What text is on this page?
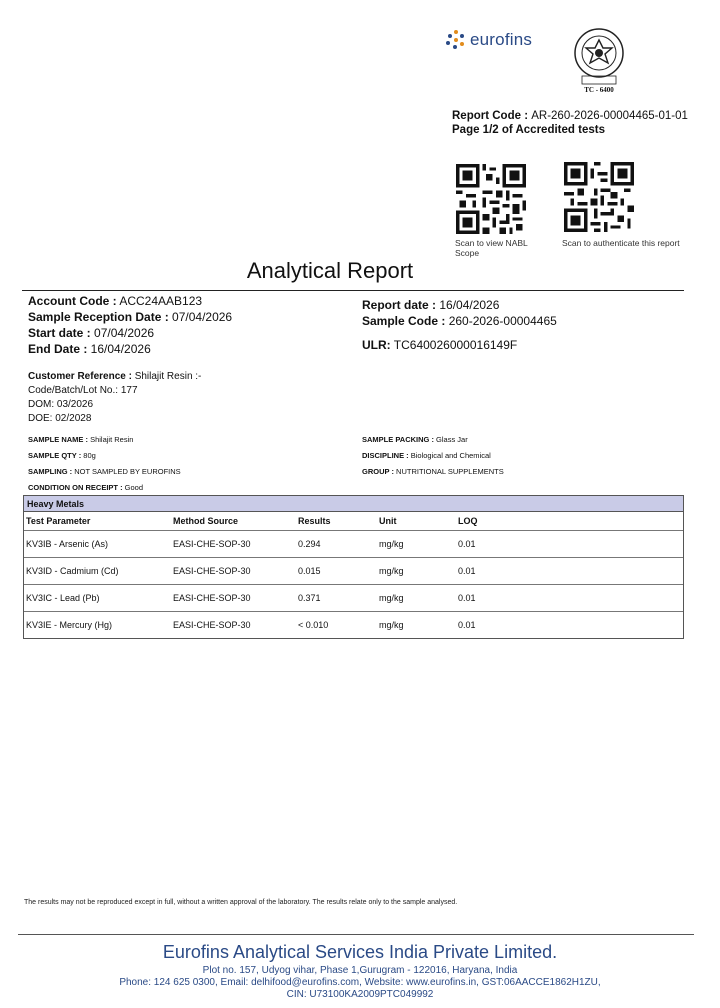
eurofins
TC - 6400
Report Code : AR-260-2026-00004465-01-01
Page 1/2 of Accredited tests
Scan to view NABL Scope
Scan to authenticate this report
Analytical Report
Account Code : ACC24AAB123
Sample Reception Date : 07/04/2026
Start date : 07/04/2026
End Date : 16/04/2026
Report date : 16/04/2026
Sample Code : 260-2026-00004465
ULR: TC640026000016149F
Customer Reference : Shilajit Resin :-
Code/Batch/Lot No.: 177
DOM: 03/2026
DOE: 02/2028
SAMPLE NAME : Shilajit Resin
SAMPLE QTY : 80g
SAMPLING : NOT SAMPLED BY EUROFINS
CONDITION ON RECEIPT : Good
SAMPLE PACKING : Glass Jar
DISCIPLINE : Biological and Chemical
GROUP : NUTRITIONAL SUPPLEMENTS
Heavy Metals
Test Parameter	Method Source	Results	Unit	LOQ
KV3IB - Arsenic (As)	EASI-CHE-SOP-30	0.294	mg/kg	0.01
KV3ID - Cadmium (Cd)	EASI-CHE-SOP-30	0.015	mg/kg	0.01
KV3IC - Lead (Pb)	EASI-CHE-SOP-30	0.371	mg/kg	0.01
KV3IE - Mercury (Hg)	EASI-CHE-SOP-30	< 0.010	mg/kg	0.01
The results may not be reproduced except in full, without a written approval of the laboratory. The results relate only to the sample analysed.
Eurofins Analytical Services India Private Limited.
Plot no. 157, Udyog vihar, Phase 1,Gurugram - 122016, Haryana, India
Phone: 124 625 0300, Email: delhifood@eurofins.com, Website: www.eurofins.in, GST:06AACCE1862H1ZU,
CIN: U73100KA2009PTC049992
